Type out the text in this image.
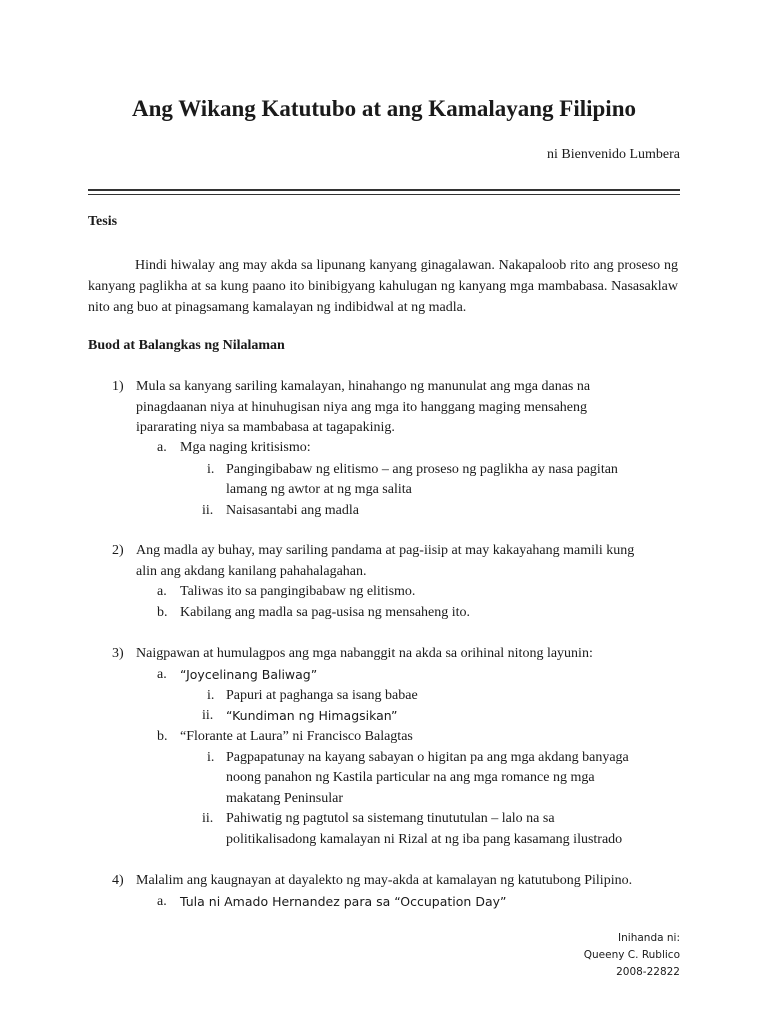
Ang Wikang Katutubo at ang Kamalayang Filipino

ni Bienvenido Lumbera

Tesis

Hindi hiwalay ang may akda sa lipunang kanyang ginagalawan. Nakapaloob rito ang proseso ng kanyang paglikha at sa kung paano ito binibigyang kahulugan ng kanyang mga mambabasa. Nasasaklaw nito ang buo at pinagsamang kamalayan ng indibidwal at ng madla.

Buod at Balangkas ng Nilalaman

1) Mula sa kanyang sariling kamalayan, hinahango ng manunulat ang mga danas na
pinagdaanan niya at hinuhugisan niya ang mga ito hanggang maging mensaheng
ipararating niya sa mambabasa at tagapakinig.
a. Mga naging kritisismo:
i. Pangingibabaw ng elitismo – ang proseso ng paglikha ay nasa pagitan
lamang ng awtor at ng mga salita
ii. Naisasantabi ang madla
2) Ang madla ay buhay, may sariling pandama at pag-iisip at may kakayahang mamili kung
alin ang akdang kanilang pahahalagahan.
a. Taliwas ito sa pangingibabaw ng elitismo.
b. Kabilang ang madla sa pag-usisa ng mensaheng ito.
3) Naigpawan at humulagpos ang mga nabanggit na akda sa orihinal nitong layunin:
a. “Joycelinang Baliwag”
i. Papuri at paghanga sa isang babae
ii. “Kundiman ng Himagsikan”
b. “Florante at Laura” ni Francisco Balagtas
i. Pagpapatunay na kayang sabayan o higitan pa ang mga akdang banyaga
noong panahon ng Kastila particular na ang mga romance ng mga
makatang Peninsular
ii. Pahiwatig ng pagtutol sa sistemang tinututulan – lalo na sa
politikalisadong kamalayan ni Rizal at ng iba pang kasamang ilustrado
4) Malalim ang kaugnayan at dayalekto ng may-akda at kamalayan ng katutubong Pilipino.
a. Tula ni Amado Hernandez para sa “Occupation Day”
Inihanda ni:
Queeny C. Rublico
2008-22822
